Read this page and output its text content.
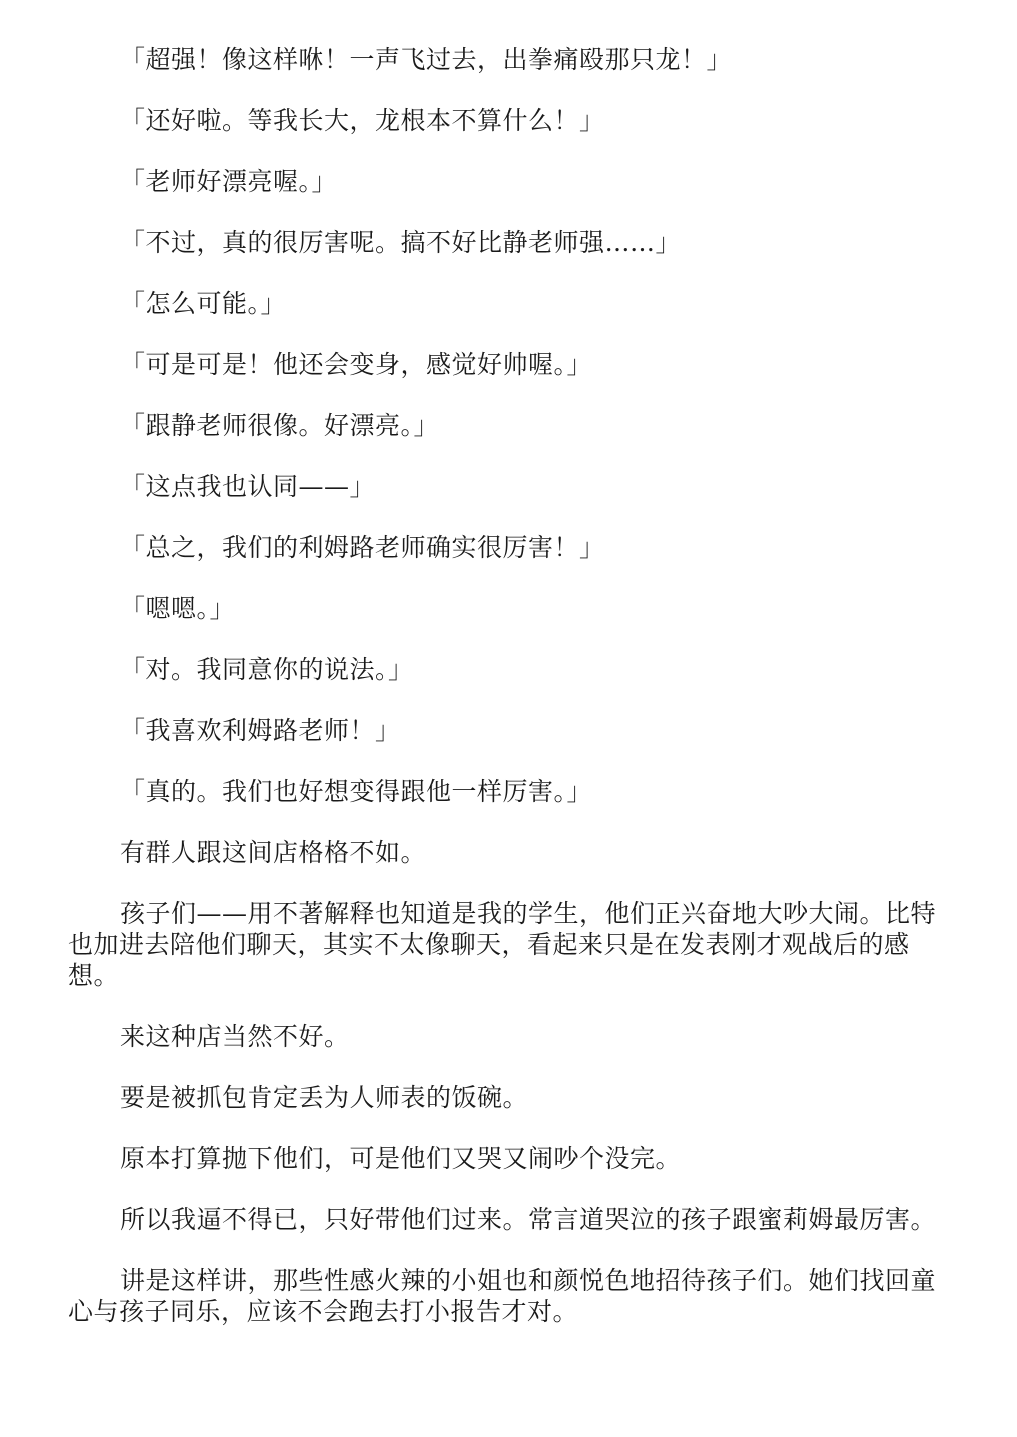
「超强！像这样咻！一声飞过去，出拳痛殴那只龙！」

「还好啦。等我长大，龙根本不算什么！」

「老师好漂亮喔。」

「不过，真的很厉害呢。搞不好比静老师强……」

「怎么可能。」

「可是可是！他还会变身，感觉好帅喔。」

「跟静老师很像。好漂亮。」

「这点我也认同——」

「总之，我们的利姆路老师确实很厉害！」

「嗯嗯。」

「对。我同意你的说法。」

「我喜欢利姆路老师！」

「真的。我们也好想变得跟他一样厉害。」

有群人跟这间店格格不如。

孩子们——用不著解释也知道是我的学生，他们正兴奋地大吵大闹。比特也加进去陪他们聊天，其实不太像聊天，看起来只是在发表刚才观战后的感想。

来这种店当然不好。

要是被抓包肯定丢为人师表的饭碗。

原本打算抛下他们，可是他们又哭又闹吵个没完。

所以我逼不得已，只好带他们过来。常言道哭泣的孩子跟蜜莉姆最厉害。

讲是这样讲，那些性感火辣的小姐也和颜悦色地招待孩子们。她们找回童心与孩子同乐，应该不会跑去打小报告才对。
